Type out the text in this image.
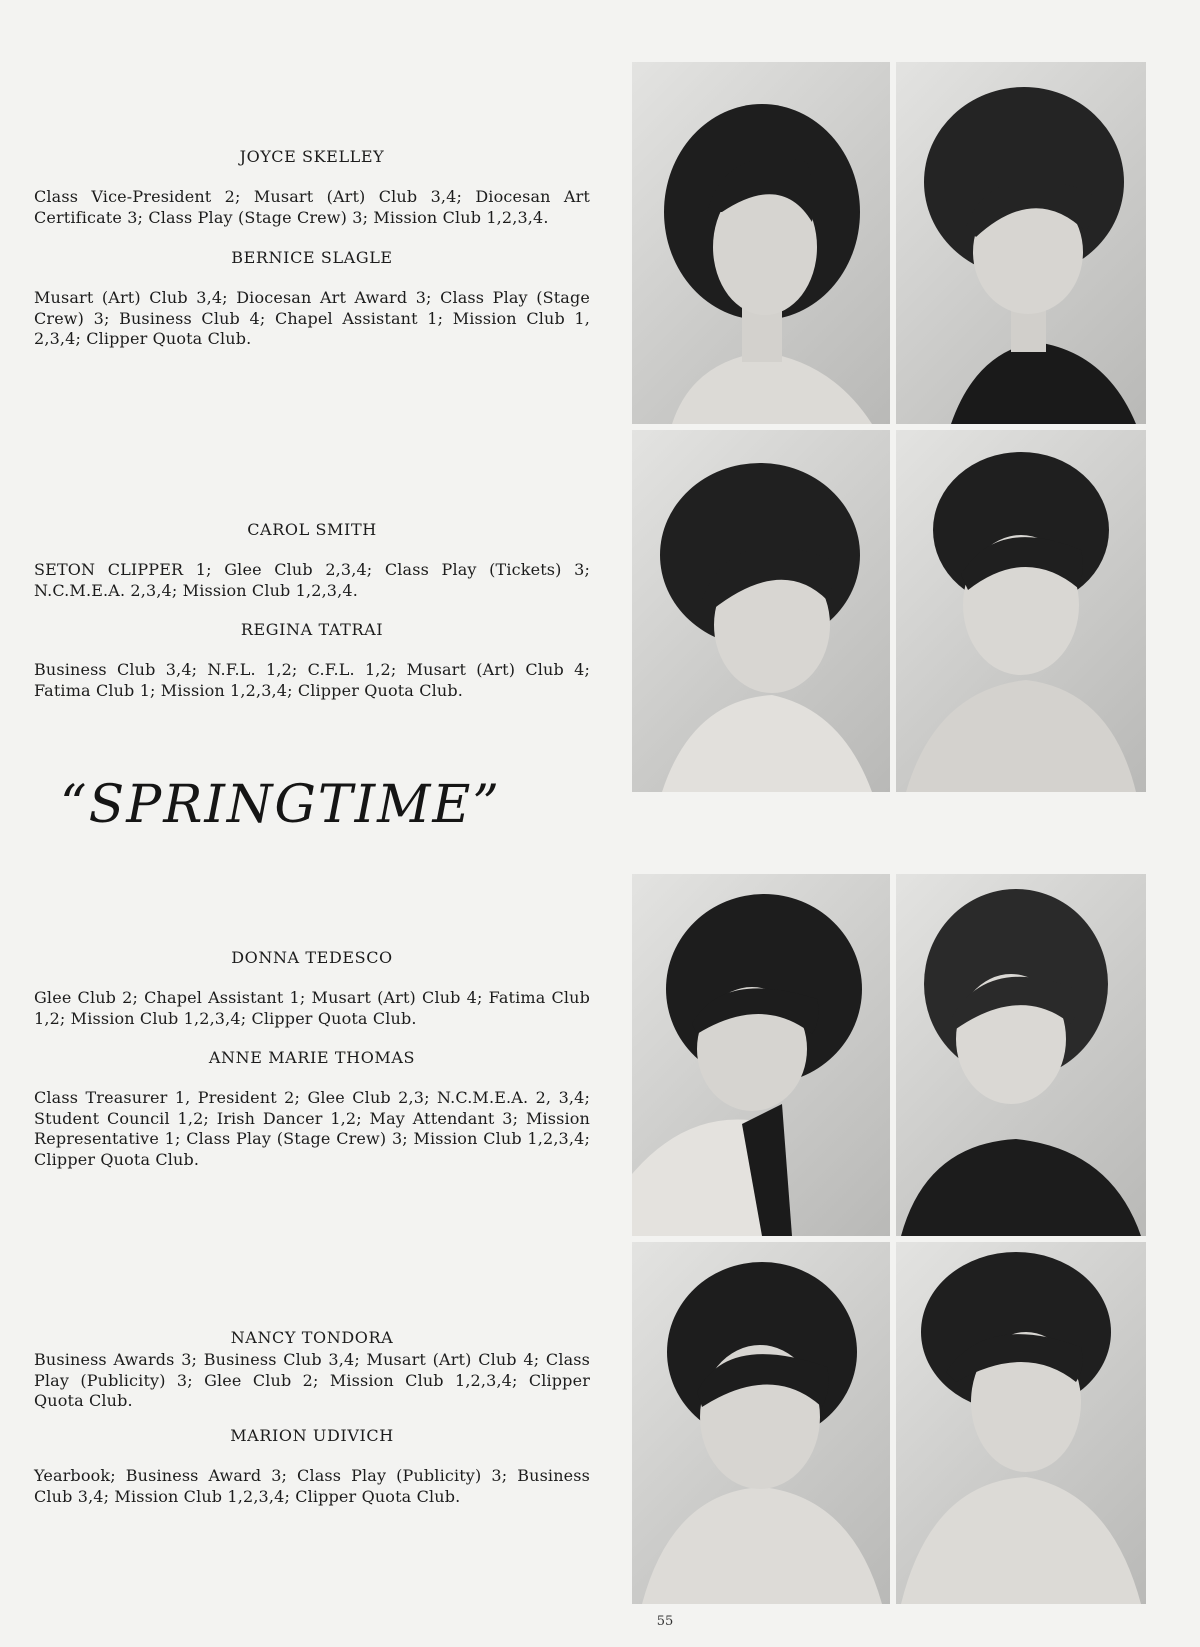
JOYCE SKELLEY

Class Vice-President 2; Musart (Art) Club 3,4; Diocesan Art Certificate 3; Class Play (Stage Crew) 3; Mission Club 1,2,3,4.

BERNICE SLAGLE

Musart (Art) Club 3,4; Diocesan Art Award 3; Class Play (Stage Crew) 3; Business Club 4; Chapel Assistant 1; Mission Club 1, 2,3,4; Clipper Quota Club.

CAROL SMITH

SETON CLIPPER 1; Glee Club 2,3,4; Class Play (Tickets) 3; N.C.M.E.A. 2,3,4; Mission Club 1,2,3,4.

REGINA TATRAI

Business Club 3,4; N.F.L. 1,2; C.F.L. 1,2; Musart (Art) Club 4; Fatima Club 1; Mission 1,2,3,4; Clipper Quota Club.

DONNA TEDESCO

Glee Club 2; Chapel Assistant 1; Musart (Art) Club 4; Fatima Club 1,2; Mission Club 1,2,3,4; Clipper Quota Club.

ANNE MARIE THOMAS

Class Treasurer 1, President 2; Glee Club 2,3; N.C.M.E.A. 2, 3,4; Student Council 1,2; Irish Dancer 1,2; May Attendant 3; Mission Representative 1; Class Play (Stage Crew) 3; Mission Club 1,2,3,4; Clipper Quota Club.

NANCY TONDORA

Business Awards 3; Business Club 3,4; Musart (Art) Club 4; Class Play (Publicity) 3; Glee Club 2; Mission Club 1,2,3,4; Clipper Quota Club.

MARION UDIVICH

Yearbook; Business Award 3; Class Play (Publicity) 3; Business Club 3,4; Mission Club 1,2,3,4; Clipper Quota Club.

“SPRINGTIME”
55
